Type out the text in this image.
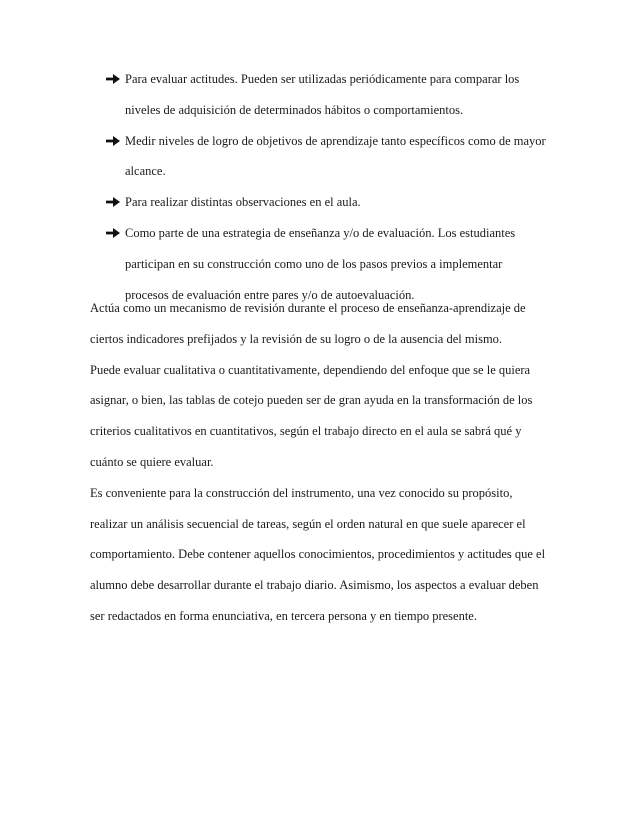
Para evaluar actitudes. Pueden ser utilizadas periódicamente para comparar los
niveles de adquisición de determinados hábitos o comportamientos.
Medir niveles de logro de objetivos de aprendizaje tanto específicos como de mayor
alcance.
Para realizar distintas observaciones en el aula.
Como parte de una estrategia de enseñanza y/o de evaluación. Los estudiantes
participan en su construcción como uno de los pasos previos a implementar
procesos de evaluación entre pares y/o de autoevaluación.

Actúa como un mecanismo de revisión durante el proceso de enseñanza-aprendizaje de
ciertos indicadores prefijados y la revisión de su logro o de la ausencia del mismo.

Puede evaluar cualitativa o cuantitativamente, dependiendo del enfoque que se le quiera
asignar, o bien, las tablas de cotejo pueden ser de gran ayuda en la transformación de los
criterios cualitativos en cuantitativos, según el trabajo directo en el aula se sabrá qué y
cuánto se quiere evaluar.

Es conveniente para la construcción del instrumento, una vez conocido su propósito,
realizar un análisis secuencial de tareas, según el orden natural en que suele aparecer el
comportamiento. Debe contener aquellos conocimientos, procedimientos y actitudes que el
alumno debe desarrollar durante el trabajo diario. Asimismo, los aspectos a evaluar deben
ser redactados en forma enunciativa, en tercera persona y en tiempo presente.
